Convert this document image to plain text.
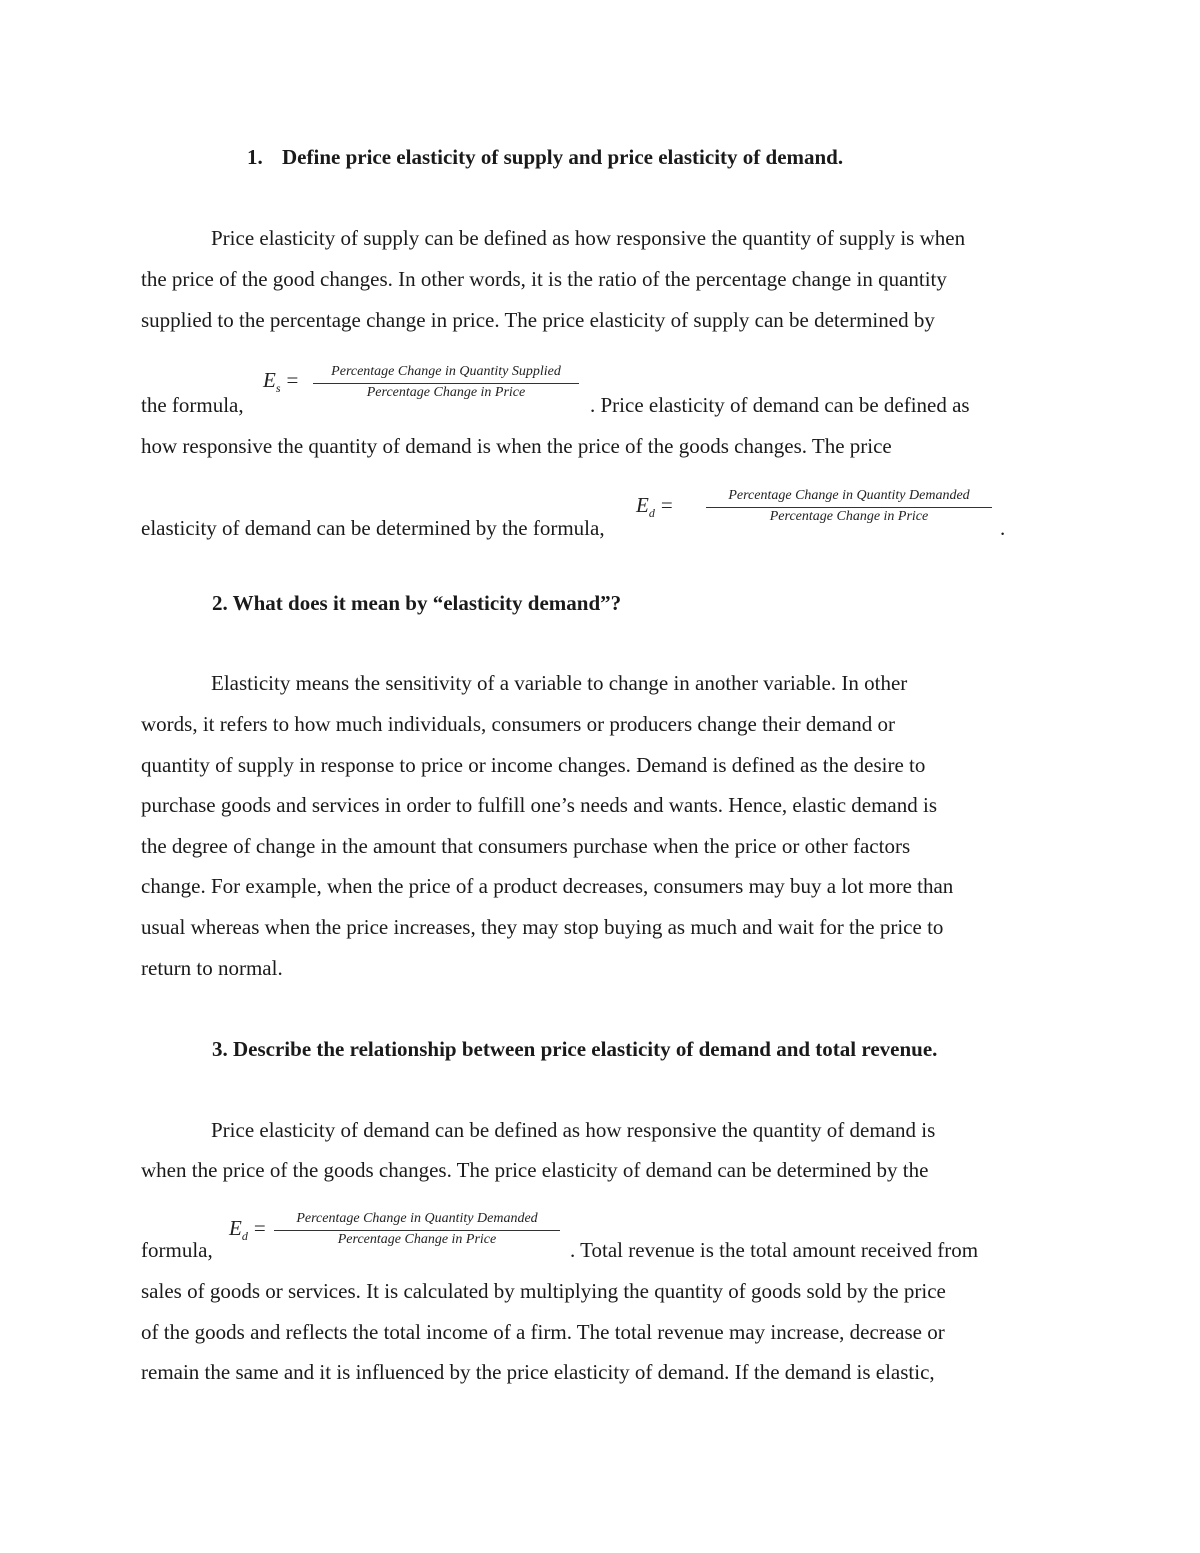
1. Define price elasticity of supply and price elasticity of demand.
Price elasticity of supply can be defined as how responsive the quantity of supply is when
the price of the good changes. In other words, it is the ratio of the percentage change in quantity
supplied to the percentage change in price. The price elasticity of supply can be determined by
the formula,
$E_s$ =	Percentage Change in Quantity Supplied
Percentage Change in Price
. Price elasticity of demand can be defined as
how responsive the quantity of demand is when the price of the goods changes. The price
elasticity of demand can be determined by the formula,
$E_d$ =	Percentage Change in Quantity Demanded
Percentage Change in Price	.
2. What does it mean by “elasticity demand”?
Elasticity means the sensitivity of a variable to change in another variable. In other
words, it refers to how much individuals, consumers or producers change their demand or
quantity of supply in response to price or income changes. Demand is defined as the desire to
purchase goods and services in order to fulfill one’s needs and wants. Hence, elastic demand is
the degree of change in the amount that consumers purchase when the price or other factors
change. For example, when the price of a product decreases, consumers may buy a lot more than
usual whereas when the price increases, they may stop buying as much and wait for the price to
return to normal.
3. Describe the relationship between price elasticity of demand and total revenue.
Price elasticity of demand can be defined as how responsive the quantity of demand is
when the price of the goods changes. The price elasticity of demand can be determined by the
formula,
$E_d$ =	Percentage Change in Quantity Demanded
Percentage Change in Price	. Total revenue is the total amount received from
sales of goods or services. It is calculated by multiplying the quantity of goods sold by the price
of the goods and reflects the total income of a firm. The total revenue may increase, decrease or
remain the same and it is influenced by the price elasticity of demand. If the demand is elastic,
